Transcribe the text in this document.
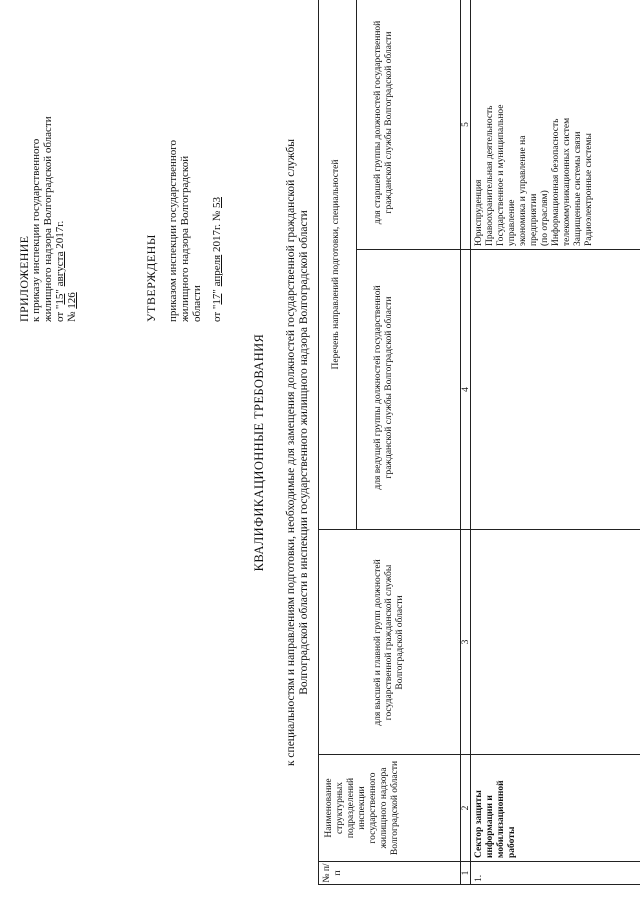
ПРИЛОЖЕНИЕ к приказу инспекции государственного жилищного надзора Волгоградской области от "15" августа 2017г.
№ 126	УТВЕРЖДЕНЫ приказом инспекции государственного жилищного надзора Волгоградской области от "17" апреля 2017г. № 53
КВАЛИФИКАЦИОННЫЕ ТРЕБОВАНИЯ к специальностям и направлениям подготовки, необходимые для замещения должностей государственной гражданской службы Волгоградской области в инспекции государственного жилищного надзора Волгоградской области
№ п/п
Наименование структурных подразделений инспекции государственного жилищного надзора Волгоградской области
Перечень направлений подготовки, специальностей
для высшей и главной групп должностей государственной гражданской службы Волгоградской области
для ведущей группы должностей государственной гражданской службы Волгоградской области
для старшей группы должностей государственной гражданской службы Волгоградской области
1
2
3
4
5
1.
Сектор защиты информации и мобилизационной работы
Юриспруденция Правоохранительная деятельность Государственное и муниципальное управление экономика и управление на предприятии (по отраслям) Информационная безопасность телекоммуникационных систем Защищенные системы связи Радиоэлектронные системы
